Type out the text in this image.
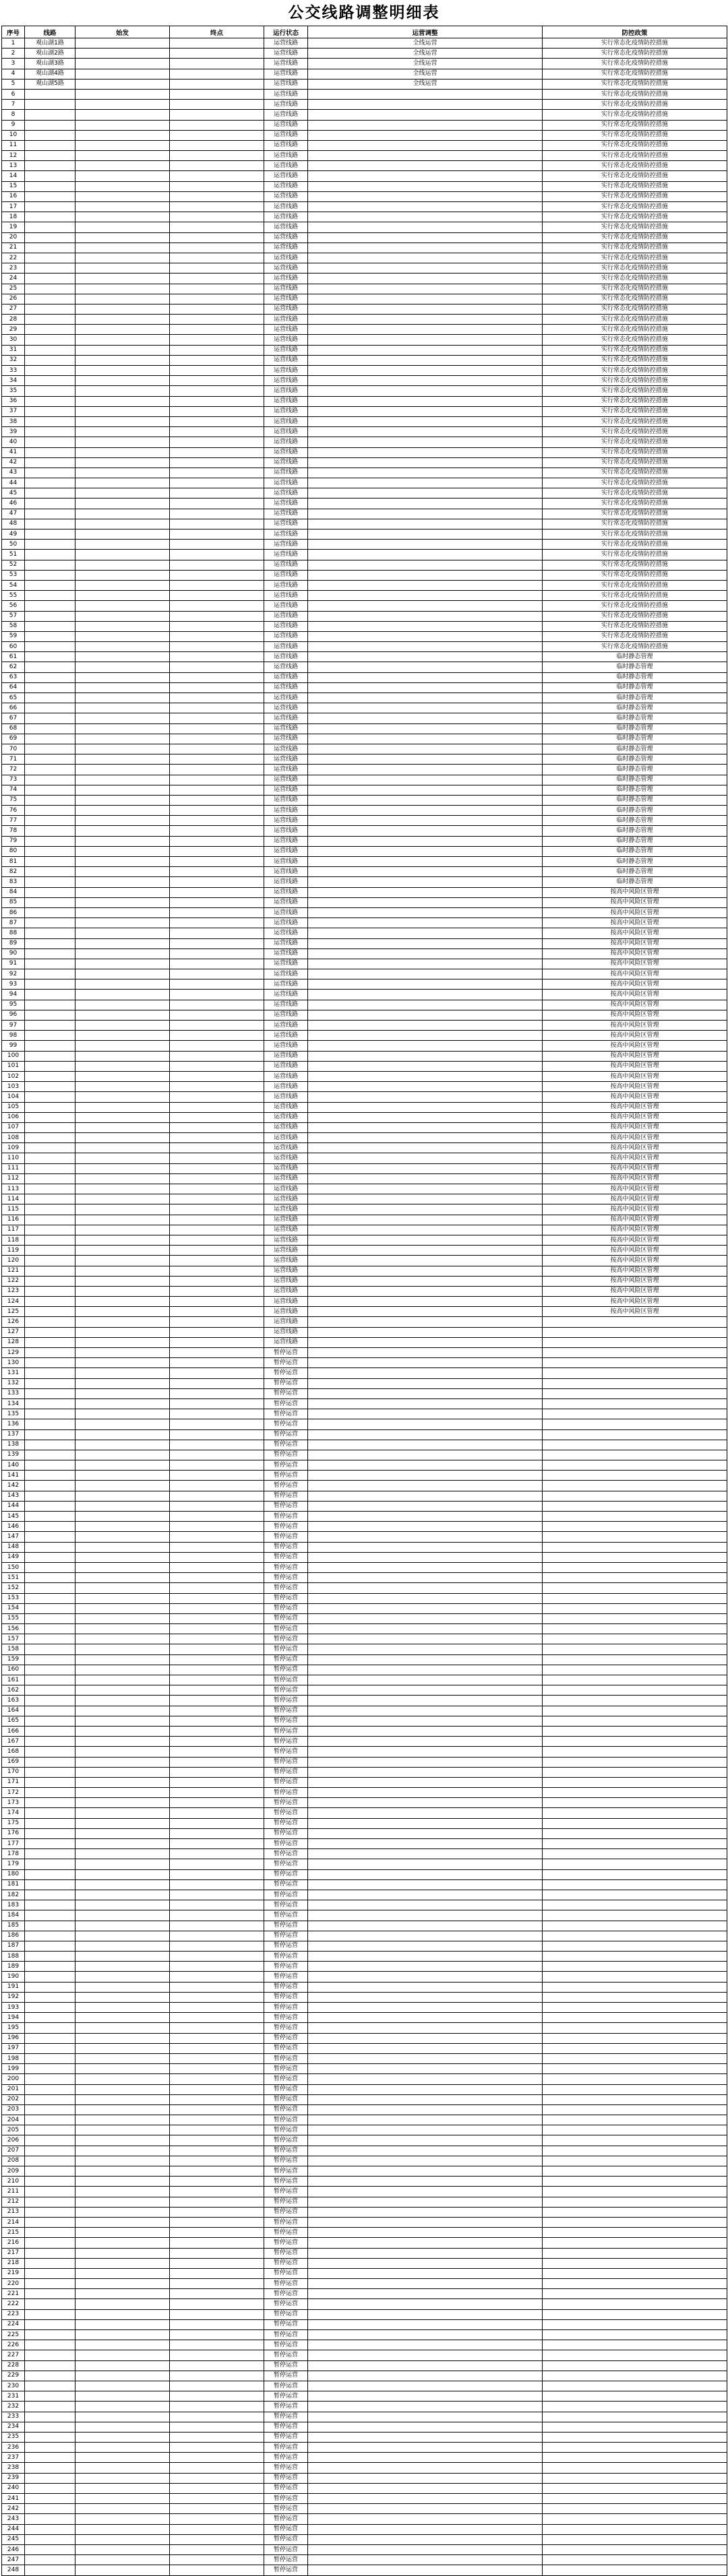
公交线路调整明细表
序号	线路	始发	终点	运行状态	运营调整	防控政策
1	观山湖1路			运营线路	全线运营	实行常态化疫情防控措施
2	观山湖2路			运营线路	全线运营	实行常态化疫情防控措施
3	观山湖3路			运营线路	全线运营	实行常态化疫情防控措施
4	观山湖4路			运营线路	全线运营	实行常态化疫情防控措施
5	观山湖5路			运营线路	全线运营	实行常态化疫情防控措施
6				运营线路		实行常态化疫情防控措施
7				运营线路		实行常态化疫情防控措施
8				运营线路		实行常态化疫情防控措施
9				运营线路		实行常态化疫情防控措施
10				运营线路		实行常态化疫情防控措施
11				运营线路		实行常态化疫情防控措施
12				运营线路		实行常态化疫情防控措施
13				运营线路		实行常态化疫情防控措施
14				运营线路		实行常态化疫情防控措施
15				运营线路		实行常态化疫情防控措施
16				运营线路		实行常态化疫情防控措施
17				运营线路		实行常态化疫情防控措施
18				运营线路		实行常态化疫情防控措施
19				运营线路		实行常态化疫情防控措施
20				运营线路		实行常态化疫情防控措施
21				运营线路		实行常态化疫情防控措施
22				运营线路		实行常态化疫情防控措施
23				运营线路		实行常态化疫情防控措施
24				运营线路		实行常态化疫情防控措施
25				运营线路		实行常态化疫情防控措施
26				运营线路		实行常态化疫情防控措施
27				运营线路		实行常态化疫情防控措施
28				运营线路		实行常态化疫情防控措施
29				运营线路		实行常态化疫情防控措施
30				运营线路		实行常态化疫情防控措施
31				运营线路		实行常态化疫情防控措施
32				运营线路		实行常态化疫情防控措施
33				运营线路		实行常态化疫情防控措施
34				运营线路		实行常态化疫情防控措施
35				运营线路		实行常态化疫情防控措施
36				运营线路		实行常态化疫情防控措施
37				运营线路		实行常态化疫情防控措施
38				运营线路		实行常态化疫情防控措施
39				运营线路		实行常态化疫情防控措施
40				运营线路		实行常态化疫情防控措施
41				运营线路		实行常态化疫情防控措施
42				运营线路		实行常态化疫情防控措施
43				运营线路		实行常态化疫情防控措施
44				运营线路		实行常态化疫情防控措施
45				运营线路		实行常态化疫情防控措施
46				运营线路		实行常态化疫情防控措施
47				运营线路		实行常态化疫情防控措施
48				运营线路		实行常态化疫情防控措施
49				运营线路		实行常态化疫情防控措施
50				运营线路		实行常态化疫情防控措施
51				运营线路		实行常态化疫情防控措施
52				运营线路		实行常态化疫情防控措施
53				运营线路		实行常态化疫情防控措施
54				运营线路		实行常态化疫情防控措施
55				运营线路		实行常态化疫情防控措施
56				运营线路		实行常态化疫情防控措施
57				运营线路		实行常态化疫情防控措施
58				运营线路		实行常态化疫情防控措施
59				运营线路		实行常态化疫情防控措施
60				运营线路		实行常态化疫情防控措施
61				运营线路		临时静态管理
62				运营线路		临时静态管理
63				运营线路		临时静态管理
64				运营线路		临时静态管理
65				运营线路		临时静态管理
66				运营线路		临时静态管理
67				运营线路		临时静态管理
68				运营线路		临时静态管理
69				运营线路		临时静态管理
70				运营线路		临时静态管理
71				运营线路		临时静态管理
72				运营线路		临时静态管理
73				运营线路		临时静态管理
74				运营线路		临时静态管理
75				运营线路		临时静态管理
76				运营线路		临时静态管理
77				运营线路		临时静态管理
78				运营线路		临时静态管理
79				运营线路		临时静态管理
80				运营线路		临时静态管理
81				运营线路		临时静态管理
82				运营线路		临时静态管理
83				运营线路		临时静态管理
84				运营线路		按高中风险区管理
85				运营线路		按高中风险区管理
86				运营线路		按高中风险区管理
87				运营线路		按高中风险区管理
88				运营线路		按高中风险区管理
89				运营线路		按高中风险区管理
90				运营线路		按高中风险区管理
91				运营线路		按高中风险区管理
92				运营线路		按高中风险区管理
93				运营线路		按高中风险区管理
94				运营线路		按高中风险区管理
95				运营线路		按高中风险区管理
96				运营线路		按高中风险区管理
97				运营线路		按高中风险区管理
98				运营线路		按高中风险区管理
99				运营线路		按高中风险区管理
100				运营线路		按高中风险区管理
101				运营线路		按高中风险区管理
102				运营线路		按高中风险区管理
103				运营线路		按高中风险区管理
104				运营线路		按高中风险区管理
105				运营线路		按高中风险区管理
106				运营线路		按高中风险区管理
107				运营线路		按高中风险区管理
108				运营线路		按高中风险区管理
109				运营线路		按高中风险区管理
110				运营线路		按高中风险区管理
111				运营线路		按高中风险区管理
112				运营线路		按高中风险区管理
113				运营线路		按高中风险区管理
114				运营线路		按高中风险区管理
115				运营线路		按高中风险区管理
116				运营线路		按高中风险区管理
117				运营线路		按高中风险区管理
118				运营线路		按高中风险区管理
119				运营线路		按高中风险区管理
120				运营线路		按高中风险区管理
121				运营线路		按高中风险区管理
122				运营线路		按高中风险区管理
123				运营线路		按高中风险区管理
124				运营线路		按高中风险区管理
125				运营线路		按高中风险区管理
126				运营线路		
127				运营线路		
128				运营线路		
129				暂停运营		
130				暂停运营		
131				暂停运营		
132				暂停运营		
133				暂停运营		
134				暂停运营		
135				暂停运营		
136				暂停运营		
137				暂停运营		
138				暂停运营		
139				暂停运营		
140				暂停运营		
141				暂停运营		
142				暂停运营		
143				暂停运营		
144				暂停运营		
145				暂停运营		
146				暂停运营		
147				暂停运营		
148				暂停运营		
149				暂停运营		
150				暂停运营		
151				暂停运营		
152				暂停运营		
153				暂停运营		
154				暂停运营		
155				暂停运营		
156				暂停运营		
157				暂停运营		
158				暂停运营		
159				暂停运营		
160				暂停运营		
161				暂停运营		
162				暂停运营		
163				暂停运营		
164				暂停运营		
165				暂停运营		
166				暂停运营		
167				暂停运营		
168				暂停运营		
169				暂停运营		
170				暂停运营		
171				暂停运营		
172				暂停运营		
173				暂停运营		
174				暂停运营		
175				暂停运营		
176				暂停运营		
177				暂停运营		
178				暂停运营		
179				暂停运营		
180				暂停运营		
181				暂停运营		
182				暂停运营		
183				暂停运营		
184				暂停运营		
185				暂停运营		
186				暂停运营		
187				暂停运营		
188				暂停运营		
189				暂停运营		
190				暂停运营		
191				暂停运营		
192				暂停运营		
193				暂停运营		
194				暂停运营		
195				暂停运营		
196				暂停运营		
197				暂停运营		
198				暂停运营		
199				暂停运营		
200				暂停运营		
201				暂停运营		
202				暂停运营		
203				暂停运营		
204				暂停运营		
205				暂停运营		
206				暂停运营		
207				暂停运营		
208				暂停运营		
209				暂停运营		
210				暂停运营		
211				暂停运营		
212				暂停运营		
213				暂停运营		
214				暂停运营		
215				暂停运营		
216				暂停运营		
217				暂停运营		
218				暂停运营		
219				暂停运营		
220				暂停运营		
221				暂停运营		
222				暂停运营		
223				暂停运营		
224				暂停运营		
225				暂停运营		
226				暂停运营		
227				暂停运营		
228				暂停运营		
229				暂停运营		
230				暂停运营		
231				暂停运营		
232				暂停运营		
233				暂停运营		
234				暂停运营		
235				暂停运营		
236				暂停运营		
237				暂停运营		
238				暂停运营		
239				暂停运营		
240				暂停运营		
241				暂停运营		
242				暂停运营		
243				暂停运营		
244				暂停运营		
245				暂停运营		
246				暂停运营		
247				暂停运营		
248				暂停运营		
